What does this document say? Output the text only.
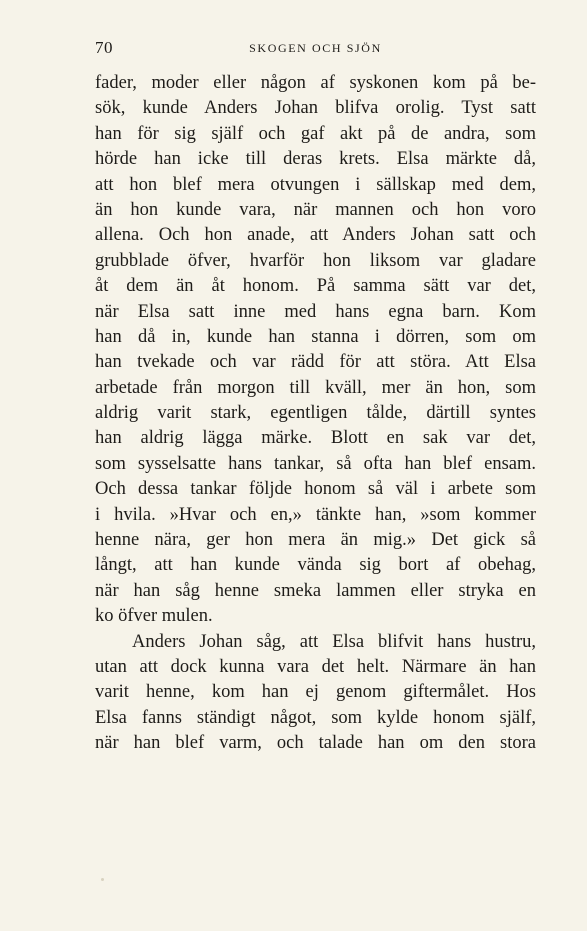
70	SKOGEN OCH SJÖN
fader, moder eller någon af syskonen kom på be-
sök, kunde Anders Johan blifva orolig. Tyst satt
han för sig själf och gaf akt på de andra, som
hörde han icke till deras krets. Elsa märkte då,
att hon blef mera otvungen i sällskap med dem,
än hon kunde vara, när mannen och hon voro
allena. Och hon anade, att Anders Johan satt och
grubblade öfver, hvarför hon liksom var gladare
åt dem än åt honom. På samma sätt var det,
när Elsa satt inne med hans egna barn. Kom
han då in, kunde han stanna i dörren, som om
han tvekade och var rädd för att störa. Att Elsa
arbetade från morgon till kväll, mer än hon, som
aldrig varit stark, egentligen tålde, därtill syntes
han aldrig lägga märke. Blott en sak var det,
som sysselsatte hans tankar, så ofta han blef ensam.
Och dessa tankar följde honom så väl i arbete som
i hvila. »Hvar och en,» tänkte han, »som kommer
henne nära, ger hon mera än mig.» Det gick så
långt, att han kunde vända sig bort af obehag,
när han såg henne smeka lammen eller stryka en
ko öfver mulen.
Anders Johan såg, att Elsa blifvit hans hustru,
utan att dock kunna vara det helt. Närmare än han
varit henne, kom han ej genom giftermålet. Hos
Elsa fanns ständigt något, som kylde honom själf,
när han blef varm, och talade han om den stora
